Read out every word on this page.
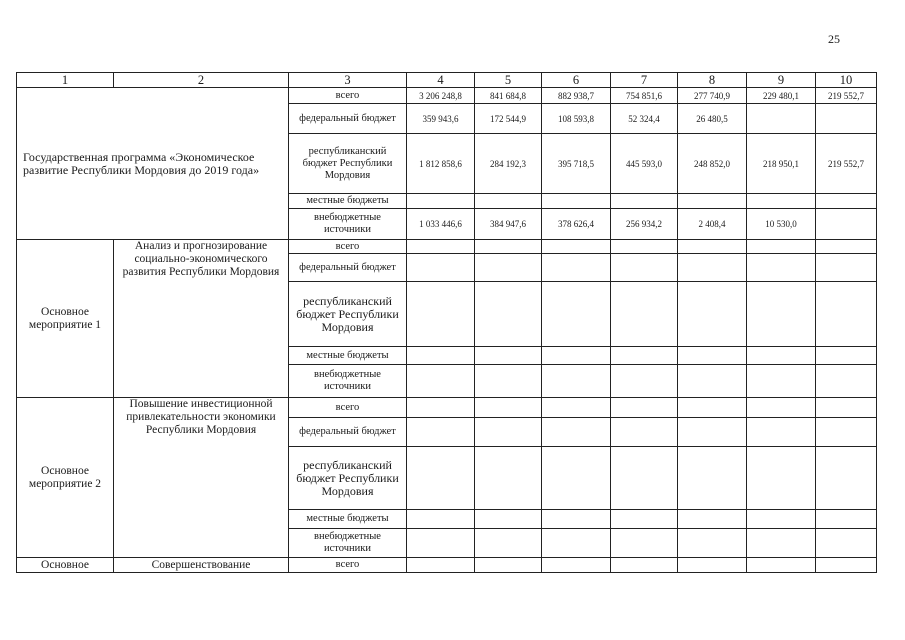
25
1	2	3	4	5	6	7	8	9	10
Государственная программа «Экономическое развитие Республики Мордовия до 2019 года»		всего	3 206 248,8	841 684,8	882 938,7	754 851,6	277 740,9	229 480,1	219 552,7
		федеральный бюджет	359 943,6	172 544,9	108 593,8	52 324,4	26 480,5		
		республиканский бюджет Республики Мордовия	1 812 858,6	284 192,3	395 718,5	445 593,0	248 852,0	218 950,1	219 552,7
		местные бюджеты							
		внебюджетные источники	1 033 446,6	384 947,6	378 626,4	256 934,2	2 408,4	10 530,0	
Основное мероприятие 1	Анализ и прогнозирование социально-экономического развития Республики Мордовия	всего							
		федеральный бюджет							
		республиканский бюджет Республики Мордовия							
		местные бюджеты							
		внебюджетные источники							
Основное мероприятие 2	Повышение инвестиционной привлекательности экономики Республики Мордовия	всего							
		федеральный бюджет							
		республиканский бюджет Республики Мордовия							
		местные бюджеты							
		внебюджетные источники							
Основное	Совершенствование	всего							
